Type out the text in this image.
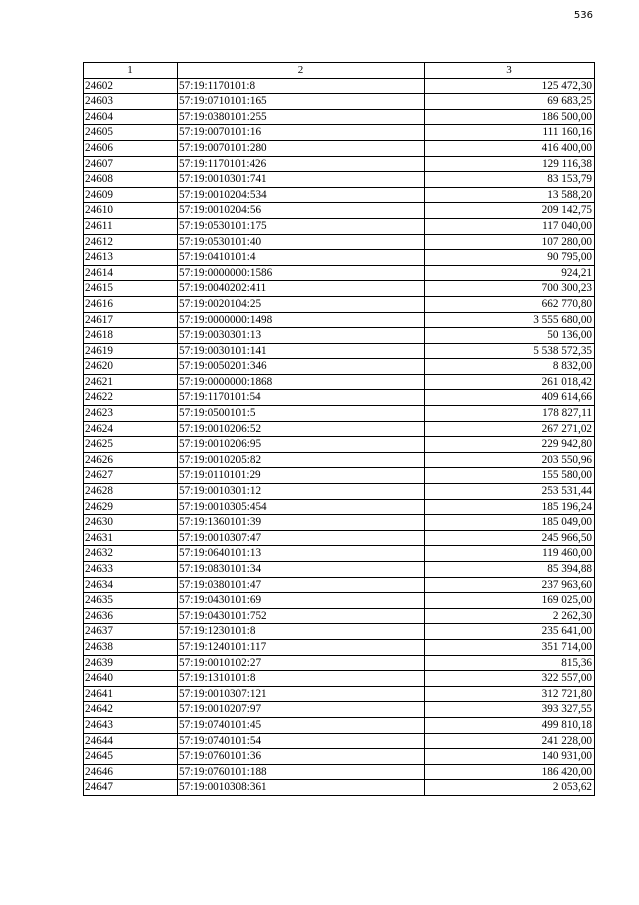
536
1	2	3
24602	57:19:1170101:8	125 472,30
24603	57:19:0710101:165	69 683,25
24604	57:19:0380101:255	186 500,00
24605	57:19:0070101:16	111 160,16
24606	57:19:0070101:280	416 400,00
24607	57:19:1170101:426	129 116,38
24608	57:19:0010301:741	83 153,79
24609	57:19:0010204:534	13 588,20
24610	57:19:0010204:56	209 142,75
24611	57:19:0530101:175	117 040,00
24612	57:19:0530101:40	107 280,00
24613	57:19:0410101:4	90 795,00
24614	57:19:0000000:1586	924,21
24615	57:19:0040202:411	700 300,23
24616	57:19:0020104:25	662 770,80
24617	57:19:0000000:1498	3 555 680,00
24618	57:19:0030301:13	50 136,00
24619	57:19:0030101:141	5 538 572,35
24620	57:19:0050201:346	8 832,00
24621	57:19:0000000:1868	261 018,42
24622	57:19:1170101:54	409 614,66
24623	57:19:0500101:5	178 827,11
24624	57:19:0010206:52	267 271,02
24625	57:19:0010206:95	229 942,80
24626	57:19:0010205:82	203 550,96
24627	57:19:0110101:29	155 580,00
24628	57:19:0010301:12	253 531,44
24629	57:19:0010305:454	185 196,24
24630	57:19:1360101:39	185 049,00
24631	57:19:0010307:47	245 966,50
24632	57:19:0640101:13	119 460,00
24633	57:19:0830101:34	85 394,88
24634	57:19:0380101:47	237 963,60
24635	57:19:0430101:69	169 025,00
24636	57:19:0430101:752	2 262,30
24637	57:19:1230101:8	235 641,00
24638	57:19:1240101:117	351 714,00
24639	57:19:0010102:27	815,36
24640	57:19:1310101:8	322 557,00
24641	57:19:0010307:121	312 721,80
24642	57:19:0010207:97	393 327,55
24643	57:19:0740101:45	499 810,18
24644	57:19:0740101:54	241 228,00
24645	57:19:0760101:36	140 931,00
24646	57:19:0760101:188	186 420,00
24647	57:19:0010308:361	2 053,62
